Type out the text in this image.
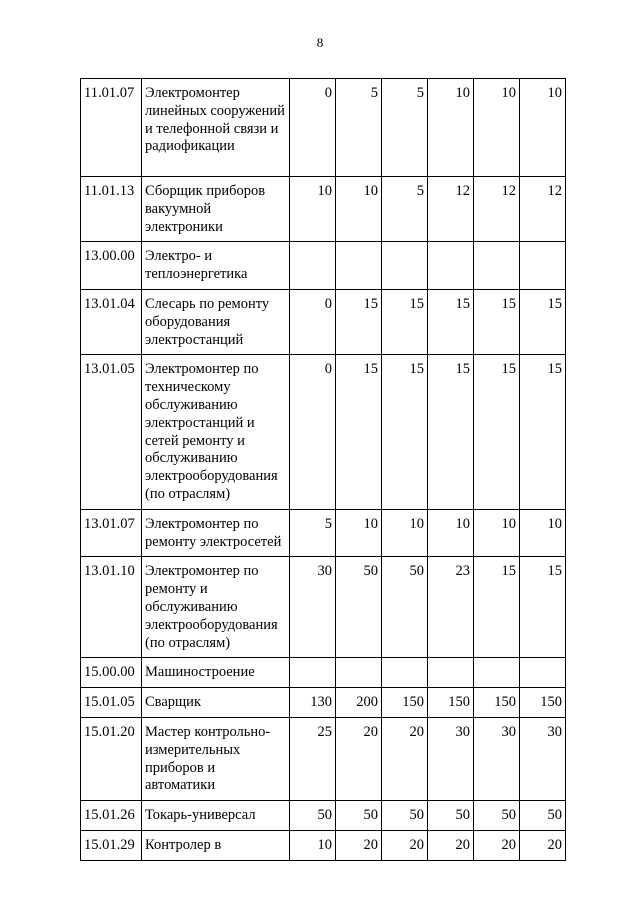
8
11.01.07	Электромонтер линейных сооружений и телефонной связи и радиофикации	0	5	5	10	10	10
11.01.13	Сборщик приборов вакуумной электроники	10	10	5	12	12	12
13.00.00	Электро- и теплоэнергетика						
13.01.04	Слесарь по ремонту оборудования электростанций	0	15	15	15	15	15
13.01.05	Электромонтер по техническому обслуживанию электростанций и сетей ремонту и обслуживанию электрооборудования (по отраслям)	0	15	15	15	15	15
13.01.07	Электромонтер по ремонту электросетей	5	10	10	10	10	10
13.01.10	Электромонтер по ремонту и обслуживанию электрооборудования (по отраслям)	30	50	50	23	15	15
15.00.00	Машиностроение						
15.01.05	Сварщик	130	200	150	150	150	150
15.01.20	Мастер контрольно-измерительных приборов и автоматики	25	20	20	30	30	30
15.01.26	Токарь-универсал	50	50	50	50	50	50
15.01.29	Контролер в	10	20	20	20	20	20
